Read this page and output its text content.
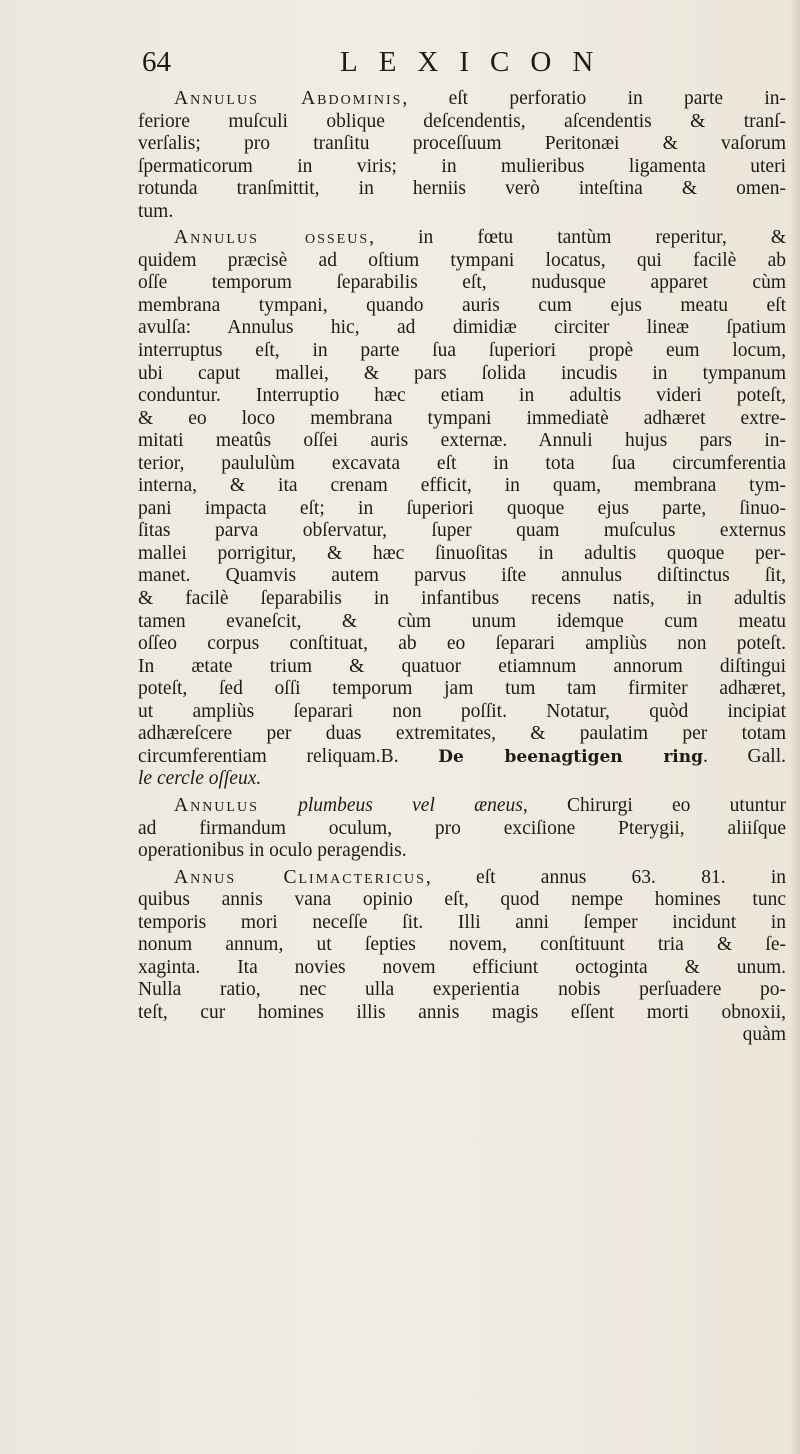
64	LEXICON
Annulus Abdominis, eſt perforatio in parte in-
feriore muſculi oblique deſcendentis, aſcendentis & tranſ-
verſalis; pro tranſitu proceſſuum Peritonæi & vaſorum
ſpermaticorum in viris; in mulieribus ligamenta uteri
rotunda tranſmittit, in herniis verò inteſtina & omen-
tum.
Annulus osseus, in fœtu tantùm reperitur, &
quidem præcisè ad oſtium tympani locatus, qui facilè ab
oſſe temporum ſeparabilis eſt, nudusque apparet cùm
membrana tympani, quando auris cum ejus meatu eſt
avulſa: Annulus hic, ad dimidiæ circiter lineæ ſpatium
interruptus eſt, in parte ſua ſuperiori propè eum locum,
ubi caput mallei, & pars ſolida incudis in tympanum
conduntur. Interruptio hæc etiam in adultis videri poteſt,
& eo loco membrana tympani immediatè adhæret extre-
mitati meatûs oſſei auris externæ. Annuli hujus pars in-
terior, paululùm excavata eſt in tota ſua circumferentia
interna, & ita crenam efficit, in quam, membrana tym-
pani impacta eſt; in ſuperiori quoque ejus parte, ſinuo-
ſitas parva obſervatur, ſuper quam muſculus externus
mallei porrigitur, & hæc ſinuoſitas in adultis quoque per-
manet. Quamvis autem parvus iſte annulus diſtinctus ſit,
& facilè ſeparabilis in infantibus recens natis, in adultis
tamen evaneſcit, & cùm unum idemque cum meatu
oſſeo corpus conſtituat, ab eo ſeparari ampliùs non poteſt.
In ætate trium & quatuor etiamnum annorum diſtingui
poteſt, ſed oſſi temporum jam tum tam firmiter adhæret,
ut ampliùs ſeparari non poſſit. Notatur, quòd incipiat
adhæreſcere per duas extremitates, & paulatim per totam
circumferentiam reliquam.B. De beenagtigen ring. Gall.
le cercle oſſeux.
Annulus plumbeus vel æneus, Chirurgi eo utuntur
ad firmandum oculum, pro exciſione Pterygii, aliiſque
operationibus in oculo peragendis.
Annus Climactericus, eſt annus 63. 81. in
quibus annis vana opinio eſt, quod nempe homines tunc
temporis mori neceſſe ſit. Illi anni ſemper incidunt in
nonum annum, ut ſepties novem, conſtituunt tria & ſe-
xaginta. Ita novies novem efficiunt octoginta & unum.
Nulla ratio, nec ulla experientia nobis perſuadere po-
teſt, cur homines illis annis magis eſſent morti obnoxii,
quàm
